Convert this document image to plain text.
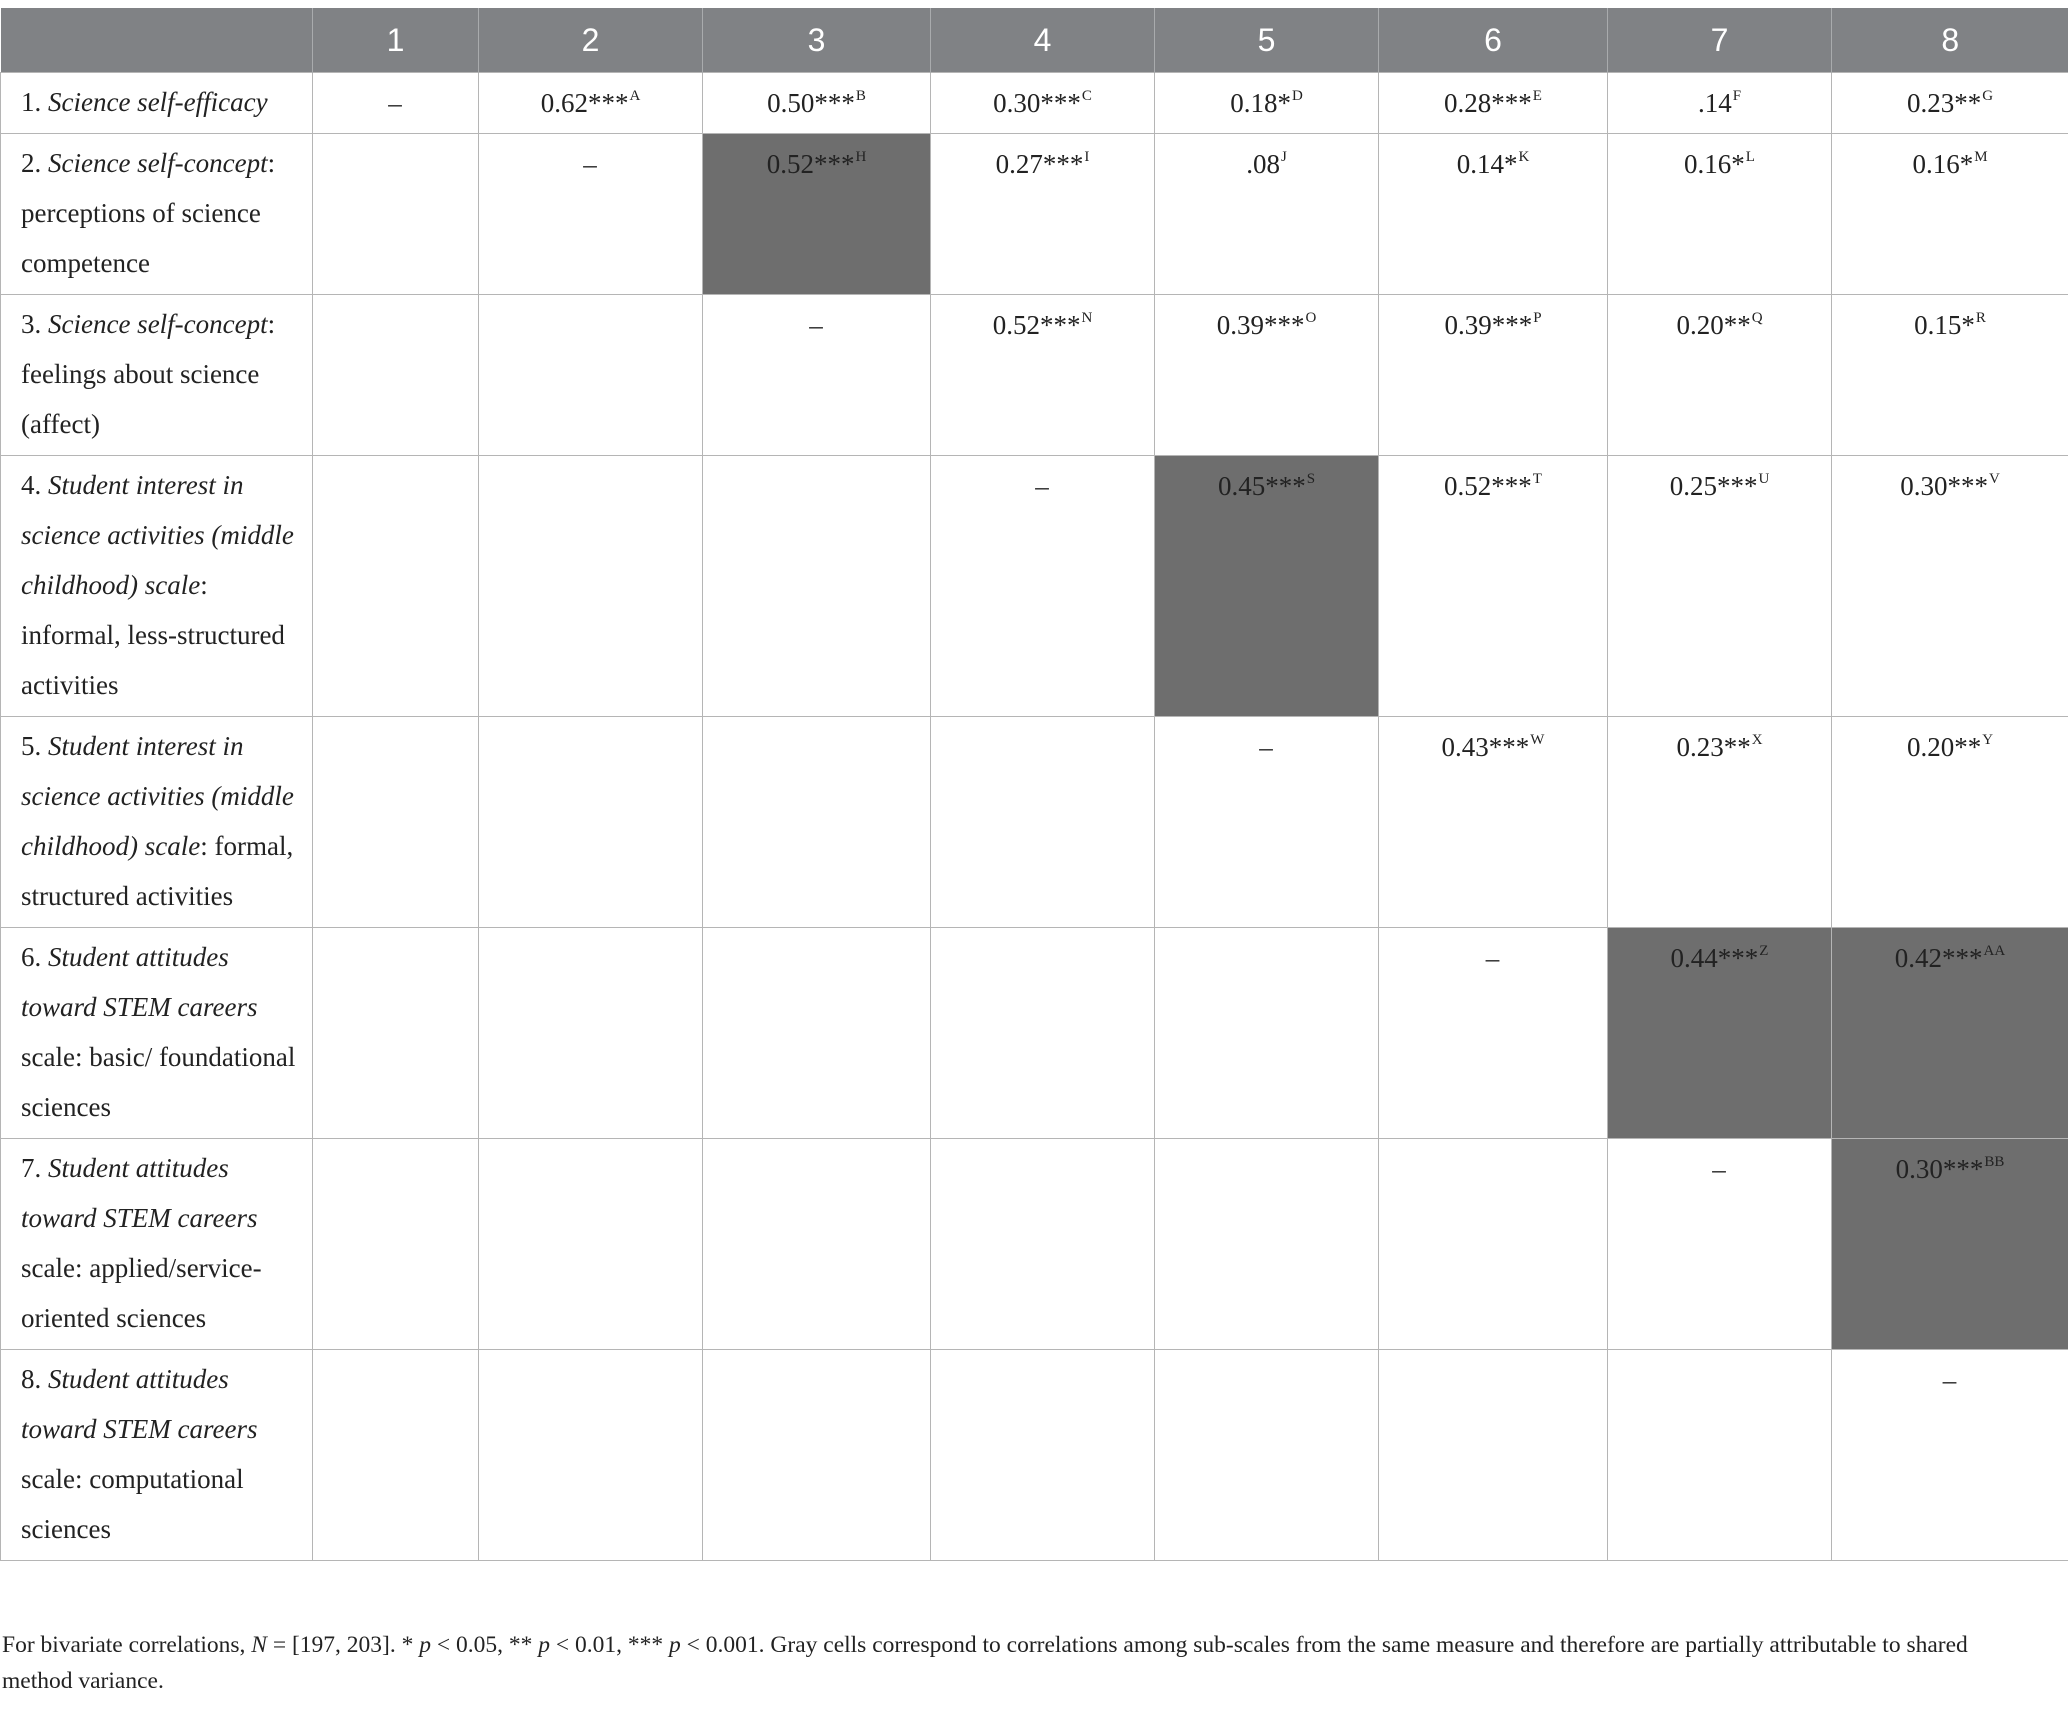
	1	2	3	4	5	6	7	8
1. Science self-efficacy	–	0.62***$^A$	0.50***$^B$	0.30***$^C$	0.18*$^D$	0.28***$^E$	$.14^F$	0.23**$^G$
2. Science self-concept: perceptions of science competence		–	0.52***$^H$	0.27***$^I$	$.08^J$	0.14*$^K$	0.16*$^L$	0.16*$^M$
3. Science self-concept: feelings about science (affect)			–	0.52***$^N$	0.39***$^O$	0.39***$^P$	0.20**$^Q$	0.15*$^R$
4. Student interest in science activities (middle childhood) scale: informal, less-structured activities				–	0.45***$^S$	0.52***$^T$	0.25***$^U$	0.30***$^V$
5. Student interest in science activities (middle childhood) scale: formal, structured activities					–	0.43***$^W$	0.23**$^X$	0.20**$^Y$
6. Student attitudes toward STEM careers scale: basic/ foundational sciences						–	0.44***$^Z$	0.42***$^{AA}$
7. Student attitudes toward STEM careers scale: applied/service-oriented sciences							–	0.30***$^{BB}$
8. Student attitudes toward STEM careers scale: computational sciences								–
For bivariate correlations, N = [197, 203]. * p < 0.05, ** p < 0.01, *** p < 0.001. Gray cells correspond to correlations among sub-scales from the same measure and therefore are partially attributable to shared method variance.
